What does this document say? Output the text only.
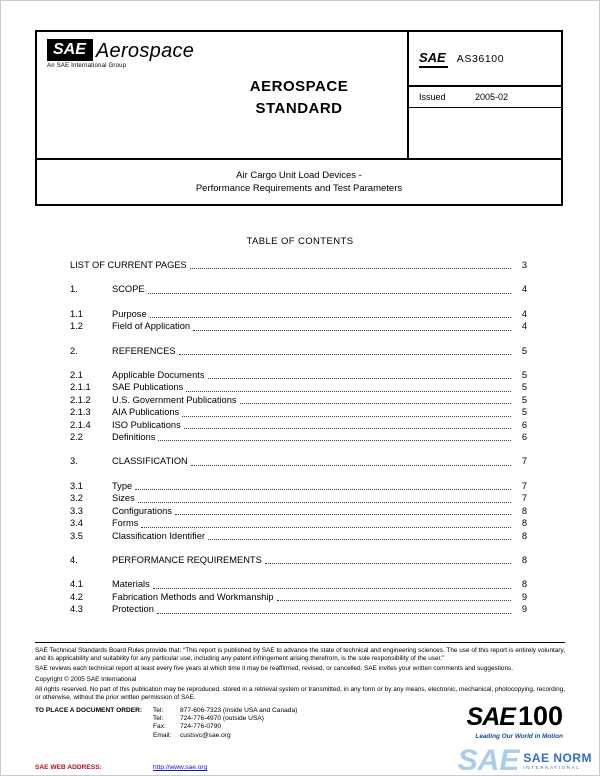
SAE Aerospace
An SAE International Group
AEROSPACE
STANDARD
SAE AS36100
Issued	2005-02
Air Cargo Unit Load Devices -
Performance Requirements and Test Parameters
TABLE OF CONTENTS
LIST OF CURRENT PAGES	3
1.	SCOPE	4
1.1	Purpose	4
1.2	Field of Application	4
2.	REFERENCES	5
2.1	Applicable Documents	5
2.1.1	SAE Publications	5
2.1.2	U.S. Government Publications	5
2.1.3	AIA Publications	5
2.1.4	ISO Publications	6
2.2	Definitions	6
3.	CLASSIFICATION	7
3.1	Type	7
3.2	Sizes	7
3.3	Configurations	8
3.4	Forms	8
3.5	Classification Identifier	8
4.	PERFORMANCE REQUIREMENTS	8
4.1	Materials	8
4.2	Fabrication Methods and Workmanship	9
4.3	Protection	9

SAE Technical Standards Board Rules provide that: “This report is published by SAE to advance the state of technical and engineering sciences. The use of this report is entirely voluntary, and its applicability and suitability for any particular use, including any patent infringement arising therefrom, is the sole responsibility of the user.”

SAE reviews each technical report at least every five years at which time it may be reaffirmed, revised, or cancelled. SAE invites your written comments and suggestions.

Copyright © 2005 SAE International

All rights reserved. No part of this publication may be reproduced, stored in a retrieval system or transmitted, in any form or by any means, electronic, mechanical, photocopying, recording, or otherwise, without the prior written permission of SAE.

TO PLACE A DOCUMENT ORDER:	Tel:	877-606-7323 (inside USA and Canada)
Tel:	724-776-4970 (outside USA)
Fax:	724-776-0790
Email:	custsvc@sae.org
SAE WEB ADDRESS:	http://www.sae.org
SAE 100
Leading Our World in Motion
SAE SAE NORM
INTERNATIONAL
